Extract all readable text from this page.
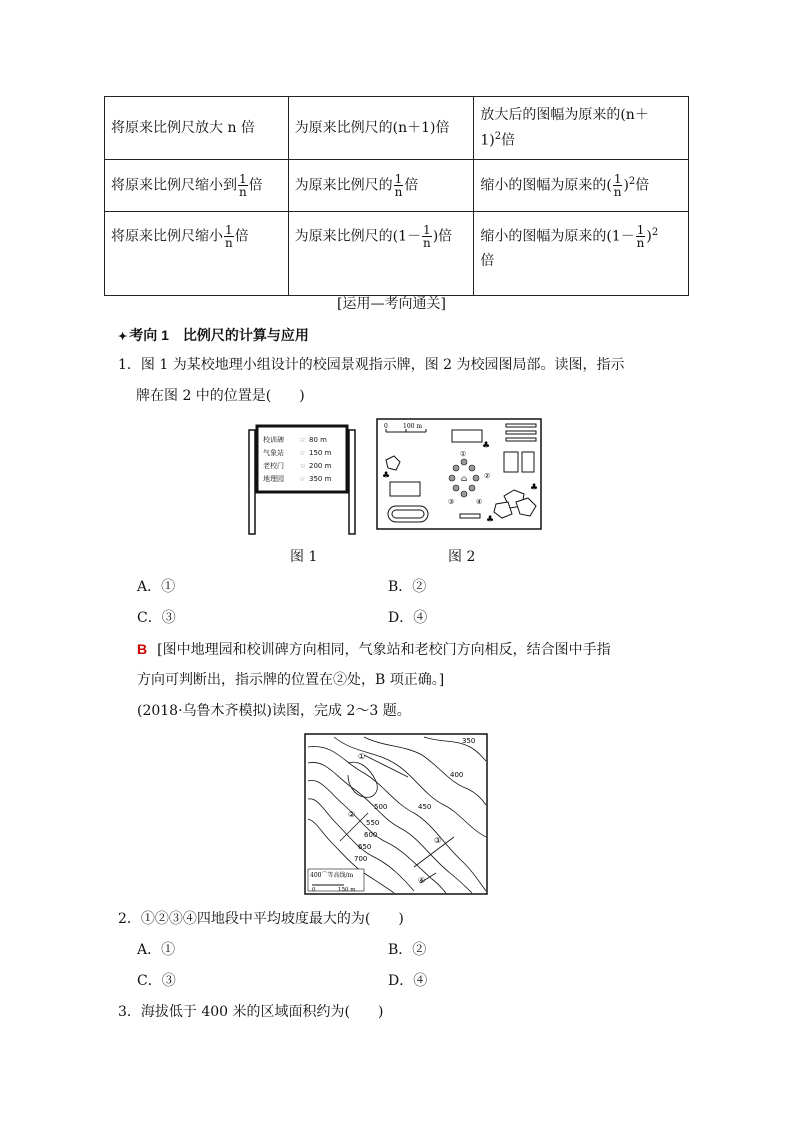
将原来比例尺放大 n 倍	为原来比例尺的(n＋1)倍	放大后的图幅为原来的(n＋
1)$^2$倍
将原来比例尺缩小到 $\frac{1}{n}$ 倍	为原来比例尺的 $\frac{1}{n}$ 倍	缩小的图幅为原来的( $\frac{1}{n} )^2$倍
将原来比例尺缩小 $\frac{1}{n}$ 倍	为原来比例尺的($1- \frac{1}{n}$ )倍	缩小的图幅为原来的$(1- \frac{1}{n} )^2$
倍
[运用—考向通关]
✦ 考向 1　比例尺的计算与应用
1．图 1 为某校地理小组设计的校园景观指示牌，图 2 为校园图局部。读图，指示
牌在图 2 中的位置是(　　)
校训碑	80 m
气象站	150 m
老校门	200 m
地理园	350 m
☞
☞
☜
☞
0	100 m
⌂
①
②
③	④
♣
♣
♣
♣
图 1	图 2
A．①	B．②
C．③	D．④
B [图中地理园和校训碑方向相同，气象站和老校门方向相反，结合图中手指
方向可判断出，指示牌的位置在②处，B 项正确。]
(2018·乌鲁木齐模拟)读图，完成 2～3 题。
350
400
450
500
550
600
650
700
①
②
③
④
400⌒等高线/m
0	150 m
2．①②③④四地段中平均坡度最大的为(　　)
A．①	B．②
C．③	D．④
3．海拔低于 400 米的区域面积约为(　　)
